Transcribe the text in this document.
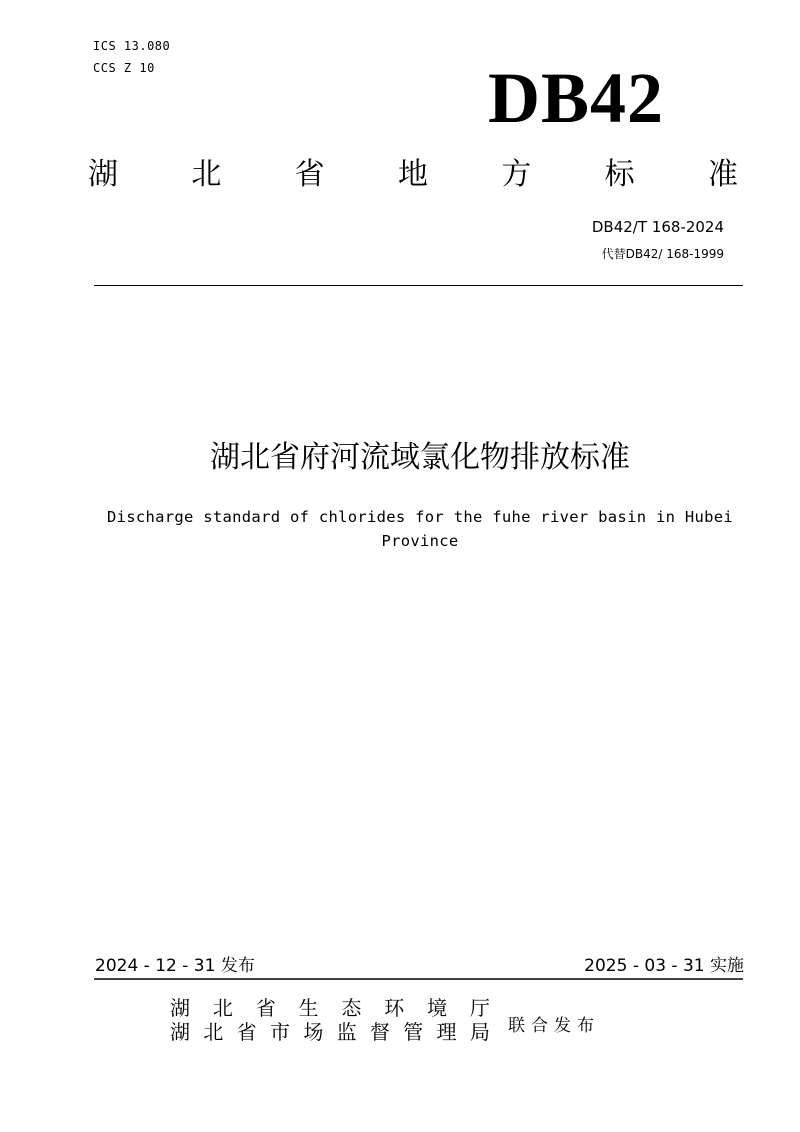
ICS 13.080
CCS Z 10	DB42
湖 北 省 地 方 标 准
DB42/T 168-2024
代替DB42/ 168-1999
湖北省府河流域氯化物排放标准
Discharge standard of chlorides for the fuhe river basin in Hubei
Province
2024 - 12 - 31 发布	2025 - 03 - 31 实施
湖 北 省 生 态 环 境 厅
湖 北 省 市 场 监 督 管 理 局 联合发布
